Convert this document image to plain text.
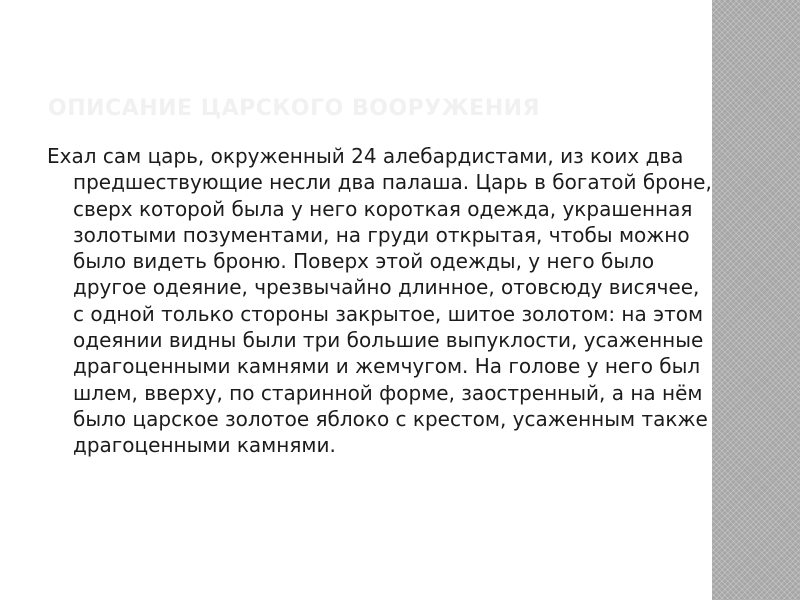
ОПИСАНИЕ ЦАРСКОГО ВООРУЖЕНИЯ

Ехал сам царь, окруженный 24 алебардистами, из коих два предшествующие несли два палаша. Царь в богатой броне, сверх которой была у него короткая одежда, украшенная золотыми позументами, на груди открытая, чтобы можно было видеть броню. Поверх этой одежды, у него было другое одеяние, чрезвычайно длинное, отовсюду висячее, с одной только стороны закрытое, шитое золотом: на этом одеянии видны были три большие выпуклости, усаженные драгоценными камнями и жемчугом. На голове у него был шлем, вверху, по старинной форме, заостренный, а на нём было царское золотое яблоко с крестом, усаженным также драгоценными камнями.
